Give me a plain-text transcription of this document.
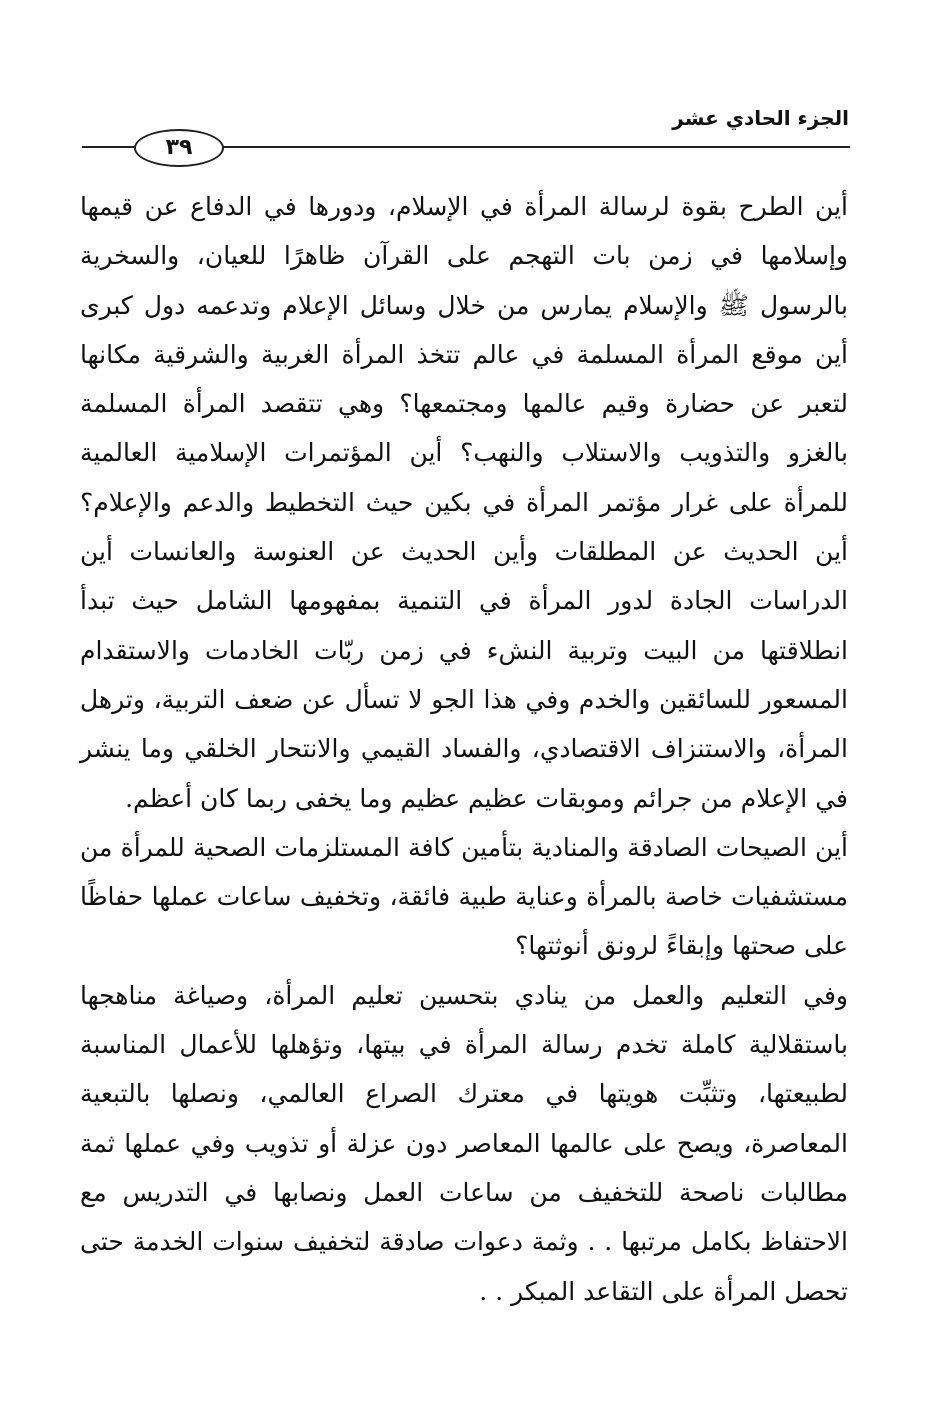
الجزء الحادي عشر
٣٩

أين الطرح بقوة لرسالة المرأة في الإسلام، ودورها في الدفاع عن قيمها وإسلامها في زمن بات التهجم على القرآن ظاهرًا للعيان، والسخرية بالرسول ﷺ والإسلام يمارس من خلال وسائل الإعلام وتدعمه دول كبرى أين موقع المرأة المسلمة في عالم تتخذ المرأة الغربية والشرقية مكانها لتعبر عن حضارة وقيم عالمها ومجتمعها؟ وهي تتقصد المرأة المسلمة بالغزو والتذويب والاستلاب والنهب؟ أين المؤتمرات الإسلامية العالمية للمرأة على غرار مؤتمر المرأة في بكين حيث التخطيط والدعم والإعلام؟ أين الحديث عن المطلقات وأين الحديث عن العنوسة والعانسات أين الدراسات الجادة لدور المرأة في التنمية بمفهومها الشامل حيث تبدأ انطلاقتها من البيت وتربية النشء في زمن ربّات الخادمات والاستقدام المسعور للسائقين والخدم وفي هذا الجو لا تسأل عن ضعف التربية، وترهل المرأة، والاستنزاف الاقتصادي، والفساد القيمي والانتحار الخلقي وما ينشر في الإعلام من جرائم وموبقات عظيم عظيم وما يخفى ربما كان أعظم.

أين الصيحات الصادقة والمنادية بتأمين كافة المستلزمات الصحية للمرأة من مستشفيات خاصة بالمرأة وعناية طبية فائقة، وتخفيف ساعات عملها حفاظًا على صحتها وإبقاءً لرونق أنوثتها؟

وفي التعليم والعمل من ينادي بتحسين تعليم المرأة، وصياغة مناهجها باستقلالية كاملة تخدم رسالة المرأة في بيتها، وتؤهلها للأعمال المناسبة لطبيعتها، وتثبِّت هويتها في معترك الصراع العالمي، ونصلها بالتبعية المعاصرة، ويصح على عالمها المعاصر دون عزلة أو تذويب وفي عملها ثمة مطالبات ناصحة للتخفيف من ساعات العمل ونصابها في التدريس مع الاحتفاظ بكامل مرتبها . . وثمة دعوات صادقة لتخفيف سنوات الخدمة حتى تحصل المرأة على التقاعد المبكر . .
